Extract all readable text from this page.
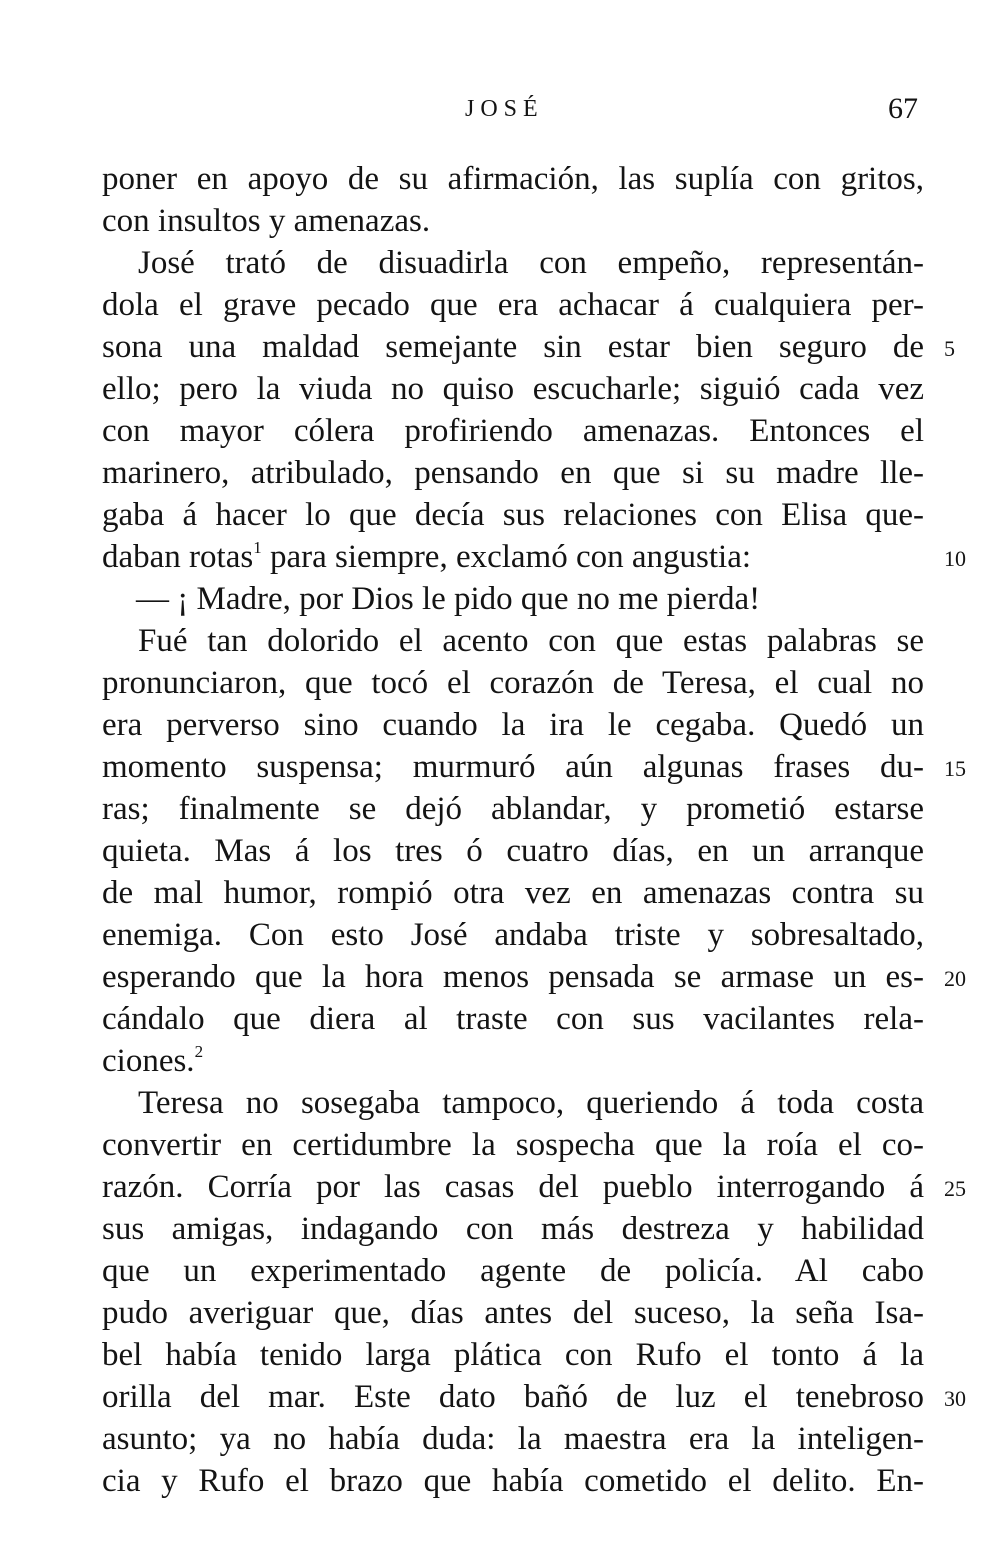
JOSÉ	67
poner en apoyo de su afirmación, las suplía con gritos,
con insultos y amenazas.
José trató de disuadirla con empeño, representán-
dola el grave pecado que era achacar á cualquiera per-
sona una maldad semejante sin estar bien seguro de 5
ello; pero la viuda no quiso escucharle; siguió cada vez
con mayor cólera profiriendo amenazas. Entonces el
marinero, atribulado, pensando en que si su madre lle-
gaba á hacer lo que decía sus relaciones con Elisa que-
daban rotas$^1$ para siempre, exclamó con angustia:	10
— ¡ Madre, por Dios le pido que no me pierda!
Fué tan dolorido el acento con que estas palabras se
pronunciaron, que tocó el corazón de Teresa, el cual no
era perverso sino cuando la ira le cegaba. Quedó un
momento suspensa; murmuró aún algunas frases du- 15
ras; finalmente se dejó ablandar, y prometió estarse
quieta. Mas á los tres ó cuatro días, en un arranque
de mal humor, rompió otra vez en amenazas contra su
enemiga. Con esto José andaba triste y sobresaltado,
esperando que la hora menos pensada se armase un es- 20
cándalo que diera al traste con sus vacilantes rela-
ciones.$^2$
Teresa no sosegaba tampoco, queriendo á toda costa
convertir en certidumbre la sospecha que la roía el co-
razón. Corría por las casas del pueblo interrogando á 25
sus amigas, indagando con más destreza y habilidad
que un experimentado agente de policía. Al cabo
pudo averiguar que, días antes del suceso, la seña Isa-
bel había tenido larga plática con Rufo el tonto á la
orilla del mar. Este dato bañó de luz el tenebroso 30
asunto; ya no había duda: la maestra era la inteligen-
cia y Rufo el brazo que había cometido el delito. En-
